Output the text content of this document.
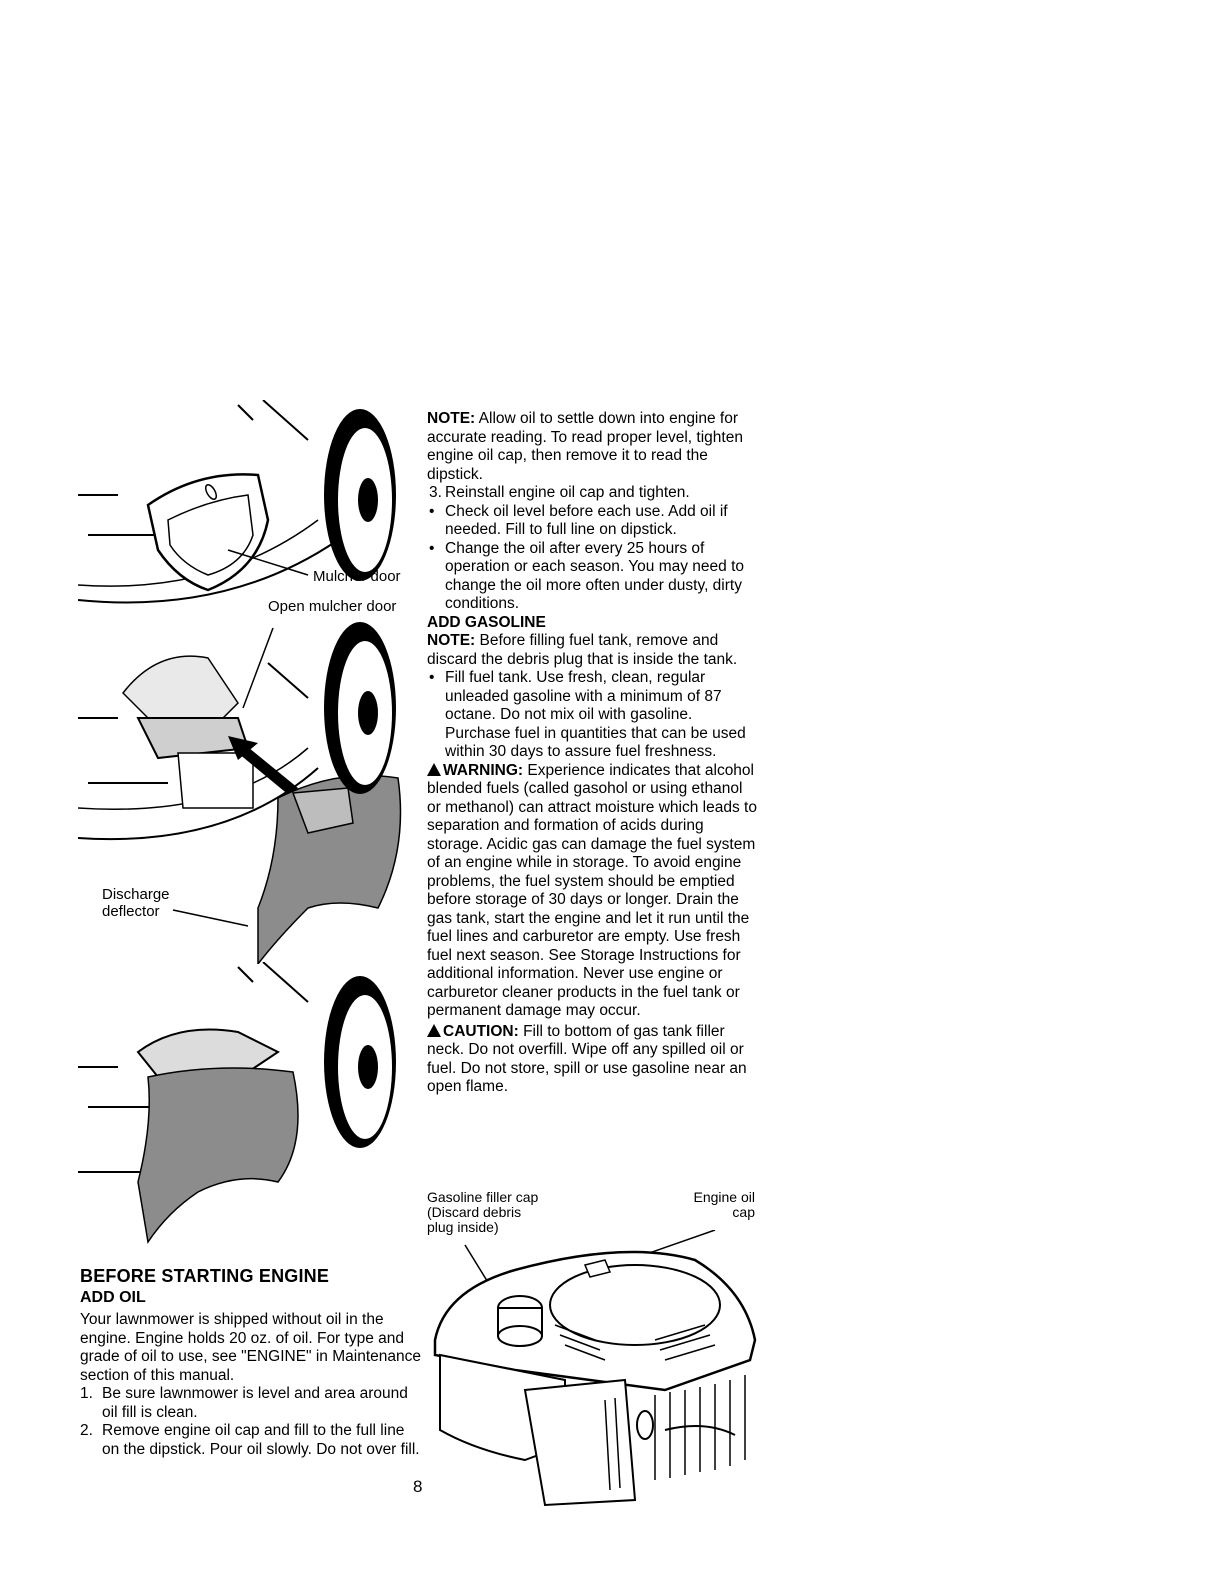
Mulcher door
Open mulcher door
Discharge
deflector
BEFORE STARTING ENGINE
ADD OIL

Your lawnmower is shipped without oil in the engine. Engine holds 20 oz. of oil. For type and grade of oil to use, see "ENGINE" in Maintenance section of this manual.

1. Be sure lawnmower is level and area around oil fill is clean.
2. Remove engine oil cap and fill to the full line on the dipstick. Pour oil slowly. Do not over fill.

NOTE: Allow oil to settle down into engine for accurate reading. To read proper level, tighten engine oil cap, then remove it to read the dipstick.

3. Reinstall engine oil cap and tighten.
• Check oil level before each use. Add oil if needed. Fill to full line on dipstick.
• Change the oil after every 25 hours of operation or each season. You may need to change the oil more often under dusty, dirty conditions.
ADD GASOLINE

NOTE: Before filling fuel tank, remove and discard the debris plug that is inside the tank.

• Fill fuel tank. Use fresh, clean, regular unleaded gasoline with a minimum of 87 octane. Do not mix oil with gasoline. Purchase fuel in quantities that can be used within 30 days to assure fuel freshness.

WARNING: Experience indicates that alcohol blended fuels (called gasohol or using ethanol or methanol) can attract moisture which leads to separation and formation of acids during storage. Acidic gas can damage the fuel system of an engine while in storage. To avoid engine problems, the fuel system should be emptied before storage of 30 days or longer. Drain the gas tank, start the engine and let it run until the fuel lines and carburetor are empty. Use fresh fuel next season. See Storage Instructions for additional information. Never use engine or carburetor cleaner products in the fuel tank or permanent damage may occur.

CAUTION: Fill to bottom of gas tank filler neck. Do not overfill. Wipe off any spilled oil or fuel. Do not store, spill or use gasoline near an open flame.

Gasoline filler cap
(Discard debris
plug inside)
Engine oil
cap
8
